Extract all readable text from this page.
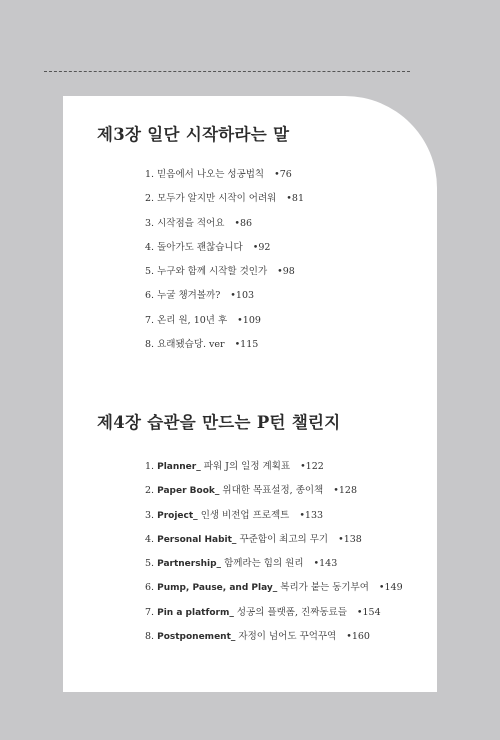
제3장 일단 시작하라는 말
1. 믿음에서 나오는 성공법칙 •76
2. 모두가 알지만 시작이 어려워 •81
3. 시작점을 적어요 •86
4. 돌아가도 괜찮습니다 •92
5. 누구와 함께 시작할 것인가 •98
6. 누굴 챙겨볼까? •103
7. 온리 원, 10년 후 •109
8. 요래됐습당. ver •115
제4장 습관을 만드는 P턴 챌린지
1. Planner_ 파워 J의 일정 계획표 •122
2. Paper Book_ 위대한 목표설정, 종이책 •128
3. Project_ 인생 비전업 프로젝트 •133
4. Personal Habit_ 꾸준함이 최고의 무기 •138
5. Partnership_ 함께라는 힘의 원리 •143
6. Pump, Pause, and Play_ 복리가 붙는 동기부여 •149
7. Pin a platform_ 성공의 플랫폼, 진짜동료들 •154
8. Postponement_ 자정이 넘어도 꾸억꾸역 •160
